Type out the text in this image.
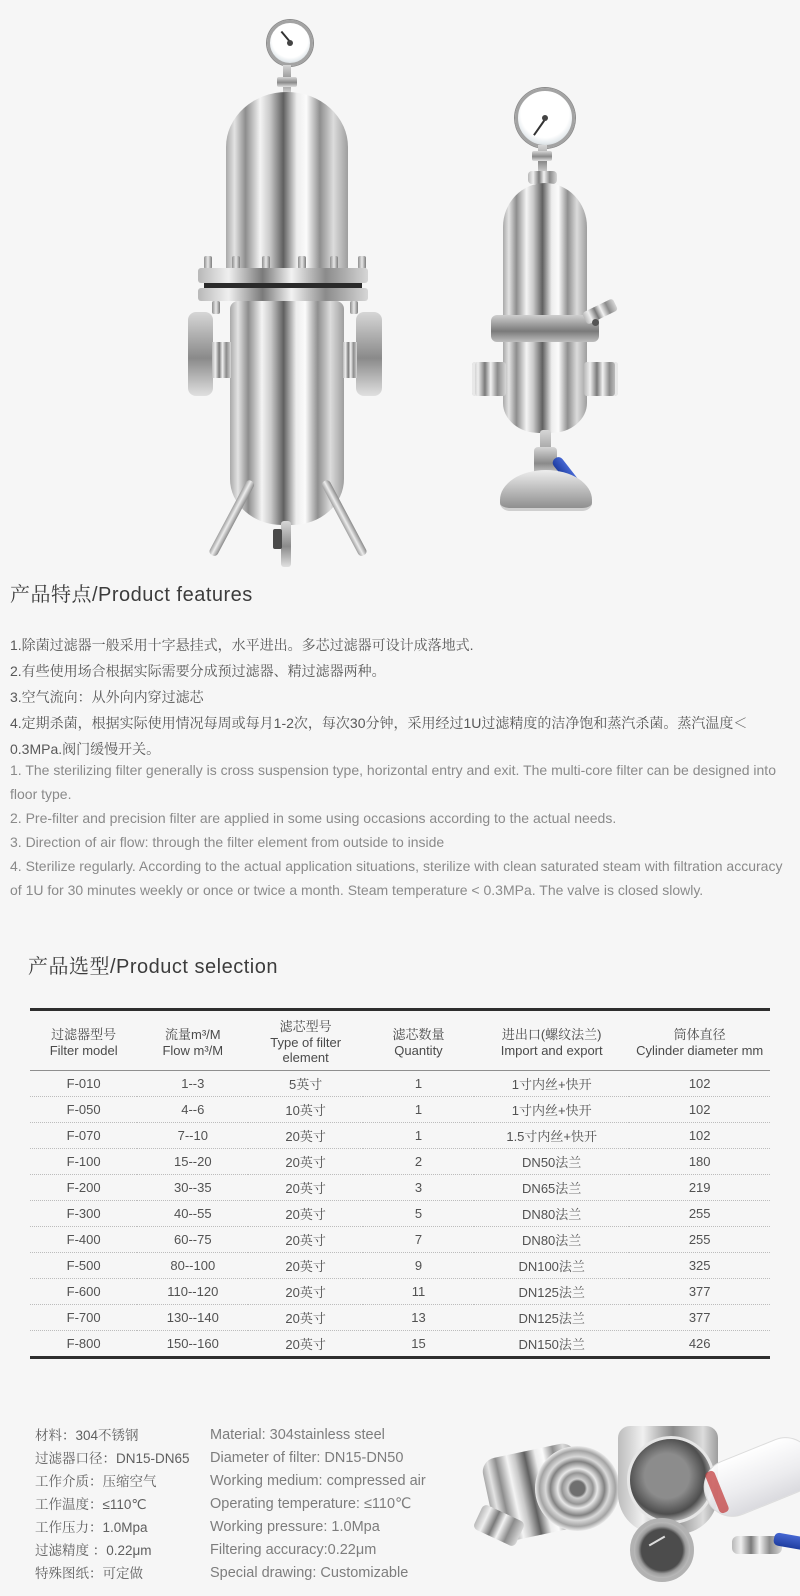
产品特点/Product features

1.除菌过滤器一般采用十字悬挂式，水平进出。多芯过滤器可设计成落地式.

2.有些使用场合根据实际需要分成预过滤器、精过滤器两种。

3.空气流向：从外向内穿过滤芯

4.定期杀菌，根据实际使用情况每周或每月1-2次，每次30分钟，采用经过1U过滤精度的洁净饱和蒸汽杀菌。蒸汽温度＜0.3MPa.阀门缓慢开关。

1. The sterilizing filter generally is cross suspension type, horizontal entry and exit. The multi-core filter can be designed into floor type.

2. Pre-filter and precision filter are applied in some using occasions according to the actual needs.

3. Direction of air flow: through the filter element from outside to inside

4. Sterilize regularly. According to the actual application situations, sterilize with clean saturated steam with filtration accuracy of 1U for 30 minutes weekly or once or twice a month. Steam temperature < 0.3MPa. The valve is closed slowly.

产品选型/Product selection
过滤器型号
Filter model

流量m³/M
Flow m³/M

滤芯型号
Type of filter element

滤芯数量
Quantity

进出口(螺纹法兰)
Import and export

筒体直径
Cylinder diameter mm

F-010	1--3	5英寸	1	1寸内丝+快开	102
F-050	4--6	10英寸	1	1寸内丝+快开	102
F-070	7--10	20英寸	1	1.5寸内丝+快开	102
F-100	15--20	20英寸	2	DN50法兰	180
F-200	30--35	20英寸	3	DN65法兰	219
F-300	40--55	20英寸	5	DN80法兰	255
F-400	60--75	20英寸	7	DN80法兰	255
F-500	80--100	20英寸	9	DN100法兰	325
F-600	110--120	20英寸	11	DN125法兰	377
F-700	130--140	20英寸	13	DN125法兰	377
F-800	150--160	20英寸	15	DN150法兰	426

材料：304不锈钢

过滤器口径：DN15-DN65

工作介质：压缩空气

工作温度：≤110℃

工作压力：1.0Mpa

过滤精度 ：0.22μm

特殊图纸：可定做

Material: 304stainless steel

Diameter of filter: DN15-DN50

Working medium: compressed air

Operating temperature: ≤110℃

Working pressure: 1.0Mpa

Filtering accuracy:0.22μm

Special drawing: Customizable
